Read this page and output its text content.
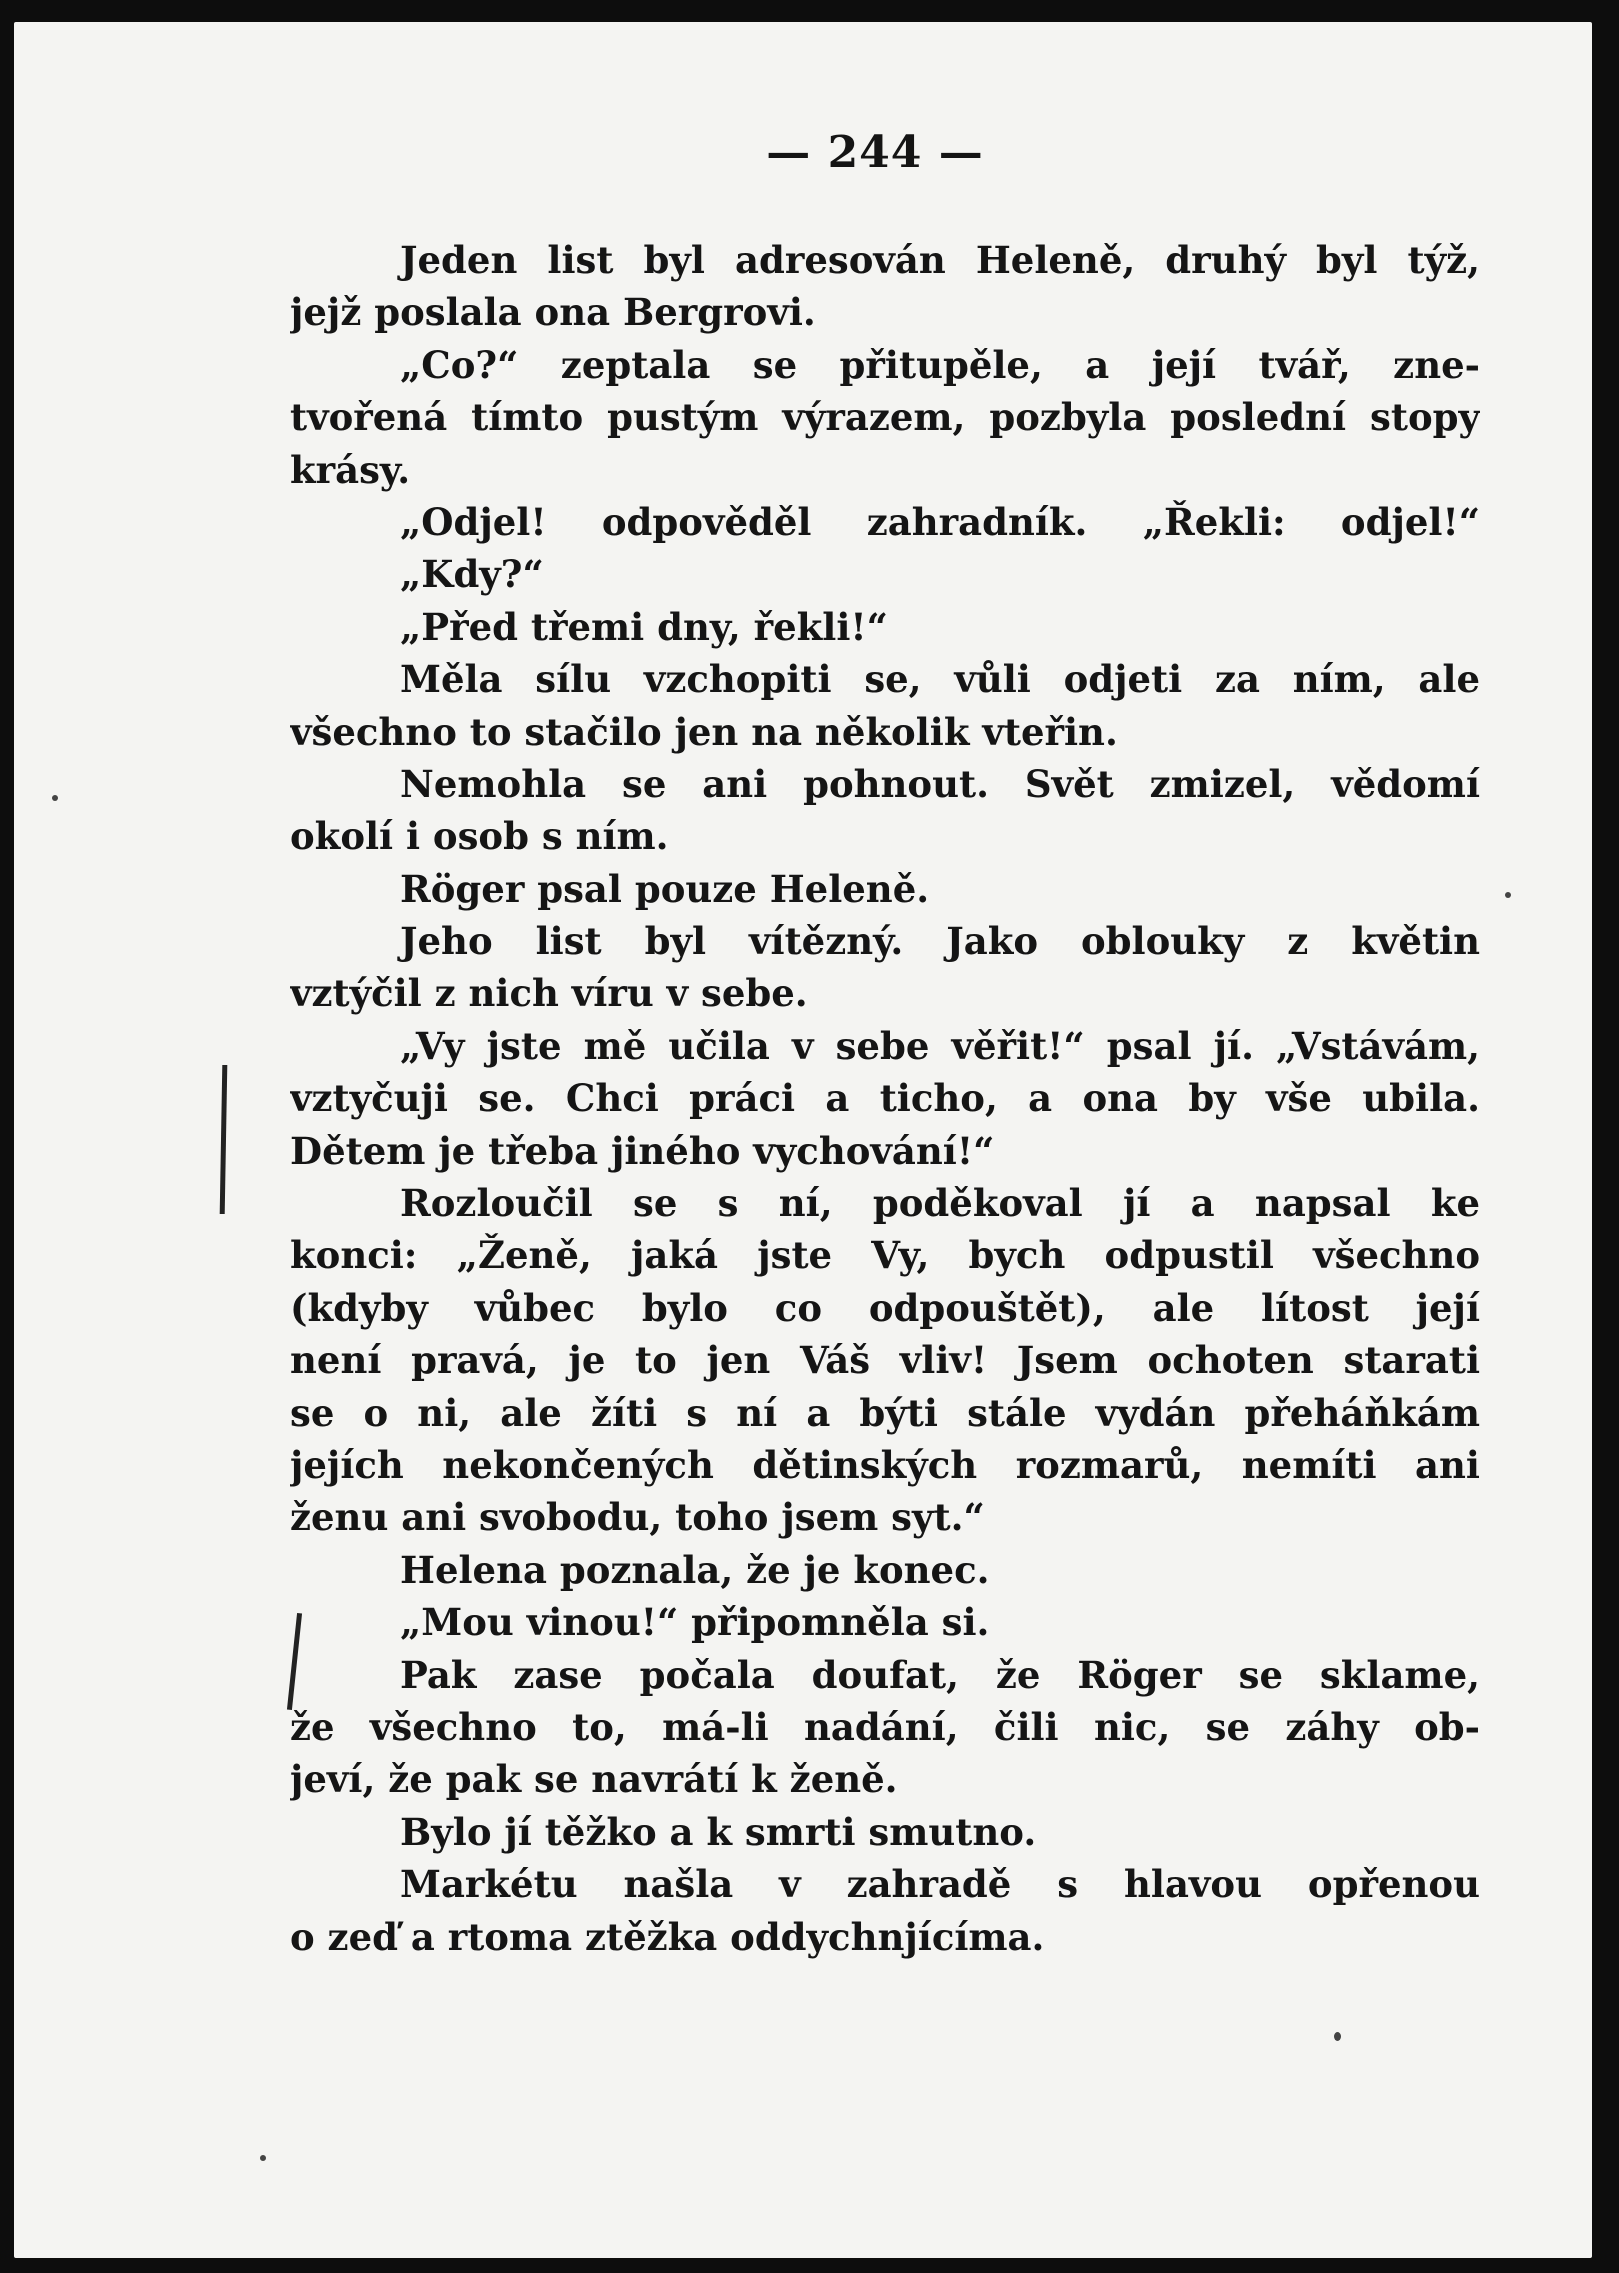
— 244 —
Jeden list byl adresován Heleně, druhý byl týž,
jejž poslala ona Bergrovi.
„Co?“ zeptala se přitupěle, a její tvář, zne-
tvořená tímto pustým výrazem, pozbyla poslední stopy
krásy.
„Odjel! odpověděl zahradník. „Řekli: odjel!“
„Kdy?“
„Před třemi dny, řekli!“
Měla sílu vzchopiti se, vůli odjeti za ním, ale
všechno to stačilo jen na několik vteřin.
Nemohla se ani pohnout. Svět zmizel, vědomí
okolí i osob s ním.
Röger psal pouze Heleně.
Jeho list byl vítězný. Jako oblouky z květin
vztýčil z nich víru v sebe.
„Vy jste mě učila v sebe věřit!“ psal jí. „Vstávám,
vztyčuji se. Chci práci a ticho, a ona by vše ubila.
Dětem je třeba jiného vychování!“
Rozloučil se s ní, poděkoval jí a napsal ke
konci: „Ženě, jaká jste Vy, bych odpustil všechno
(kdyby vůbec bylo co odpouštět), ale lítost její
není pravá, je to jen Váš vliv! Jsem ochoten starati
se o ni, ale žíti s ní a býti stále vydán přeháňkám
jejích nekončených dětinských rozmarů, nemíti ani
ženu ani svobodu, toho jsem syt.“
Helena poznala, že je konec.
„Mou vinou!“ připomněla si.
Pak zase počala doufat, že Röger se sklame,
že všechno to, má-li nadání, čili nic, se záhy ob-
jeví, že pak se navrátí k ženě.
Bylo jí těžko a k smrti smutno.
Markétu našla v zahradě s hlavou opřenou
o zeď a rtoma ztěžka oddychnjícíma.
